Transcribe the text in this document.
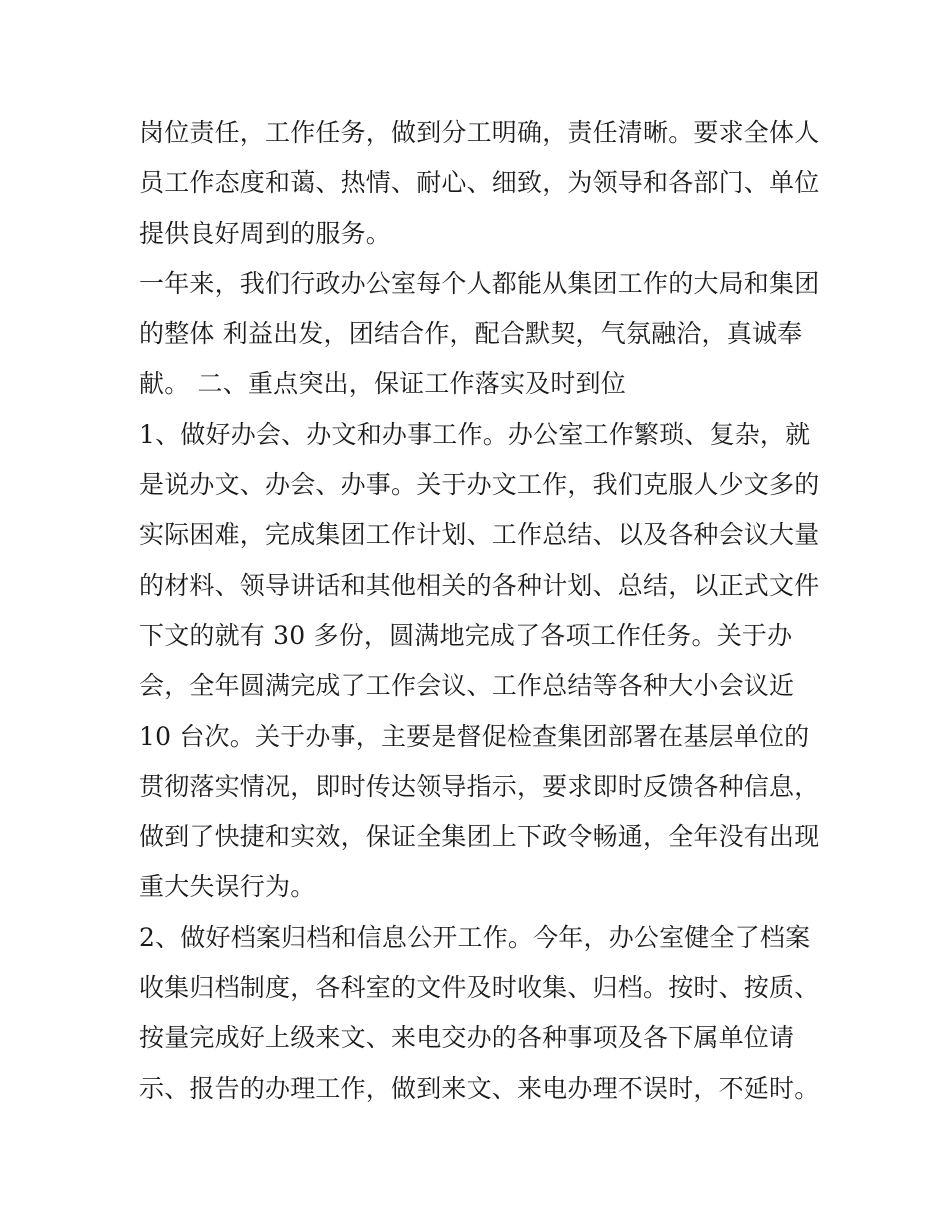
岗位责任，工作任务，做到分工明确，责任清晰。要求全体人
员工作态度和蔼、热情、耐心、细致，为领导和各部门、单位
提供良好周到的服务。
一年来，我们行政办公室每个人都能从集团工作的大局和集团
的整体 利益出发，团结合作，配合默契，气氛融洽，真诚奉
献。 二、重点突出，保证工作落实及时到位
1、做好办会、办文和办事工作。办公室工作繁琐、复杂，就
是说办文、办会、办事。关于办文工作，我们克服人少文多的
实际困难，完成集团工作计划、工作总结、以及各种会议大量
的材料、领导讲话和其他相关的各种计划、总结，以正式文件
下文的就有 30 多份，圆满地完成了各项工作任务。关于办
会，全年圆满完成了工作会议、工作总结等各种大小会议近
10 台次。关于办事，主要是督促检查集团部署在基层单位的
贯彻落实情况，即时传达领导指示，要求即时反馈各种信息，
做到了快捷和实效，保证全集团上下政令畅通，全年没有出现
重大失误行为。
2、做好档案归档和信息公开工作。今年，办公室健全了档案
收集归档制度，各科室的文件及时收集、归档。按时、按质、
按量完成好上级来文、来电交办的各种事项及各下属单位请
示、报告的办理工作，做到来文、来电办理不误时，不延时。
